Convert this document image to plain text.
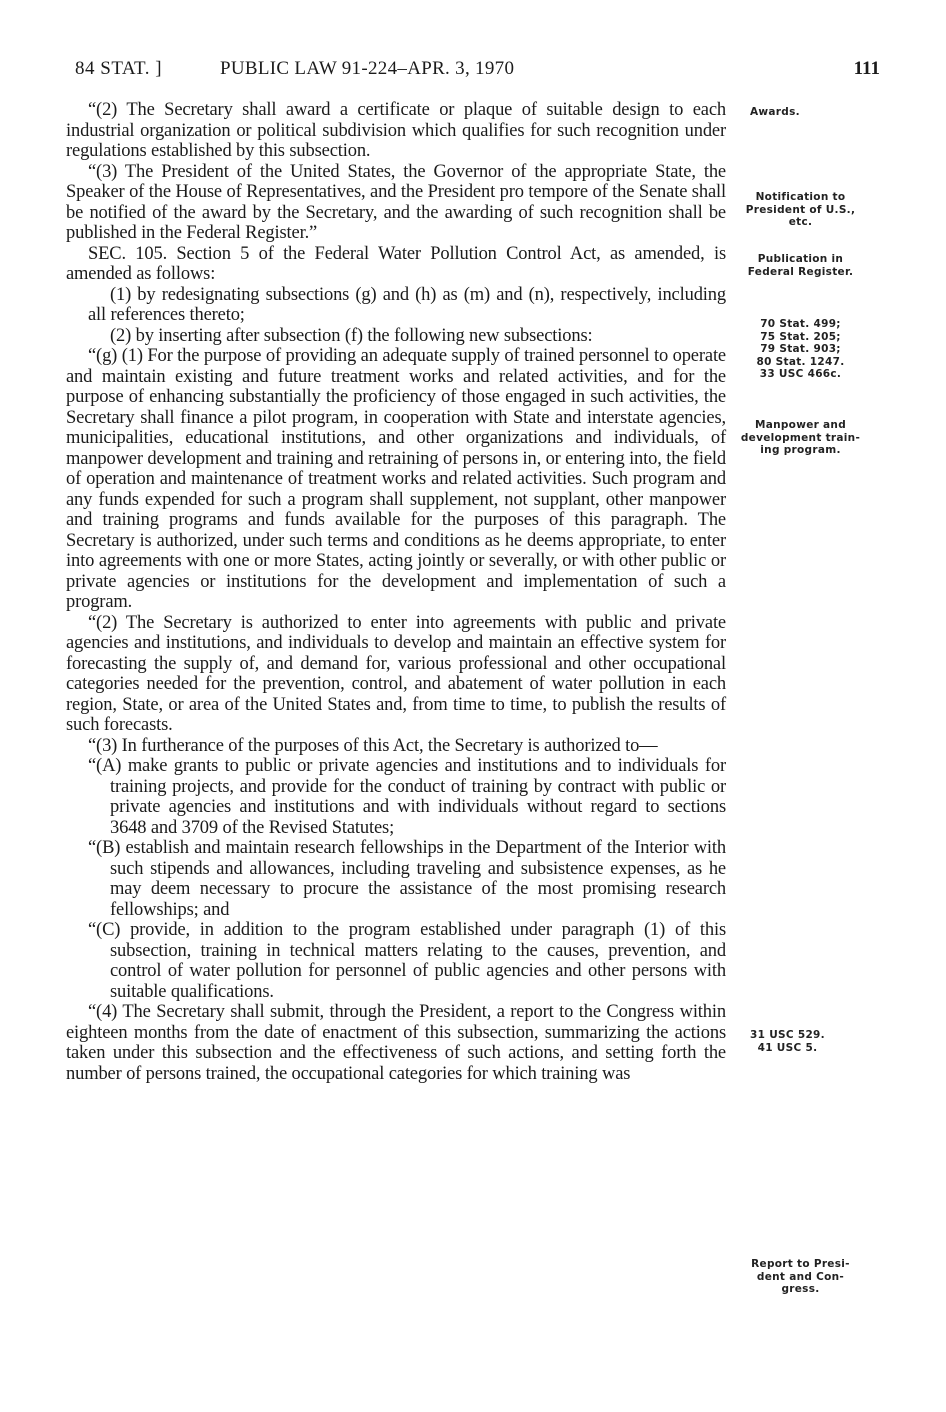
84 STAT. ]	PUBLIC LAW 91-224–APR. 3, 1970	111

“(2) The Secretary shall award a certificate or plaque of suitable design to each industrial organization or political subdivision which qualifies for such recognition under regulations established by this subsection.

“(3) The President of the United States, the Governor of the appropriate State, the Speaker of the House of Representatives, and the President pro tempore of the Senate shall be notified of the award by the Secretary, and the awarding of such recognition shall be published in the Federal Register.”

SEC. 105. Section 5 of the Federal Water Pollution Control Act, as amended, is amended as follows:

(1) by redesignating subsections (g) and (h) as (m) and (n), respectively, including all references thereto;

(2) by inserting after subsection (f) the following new subsections:

“(g) (1) For the purpose of providing an adequate supply of trained personnel to operate and maintain existing and future treatment works and related activities, and for the purpose of enhancing substantially the proficiency of those engaged in such activities, the Secretary shall finance a pilot program, in cooperation with State and interstate agencies, municipalities, educational institutions, and other organizations and individuals, of manpower development and training and retraining of persons in, or entering into, the field of operation and maintenance of treatment works and related activities. Such program and any funds expended for such a program shall supplement, not supplant, other manpower and training programs and funds available for the purposes of this paragraph. The Secretary is authorized, under such terms and conditions as he deems appropriate, to enter into agreements with one or more States, acting jointly or severally, or with other public or private agencies or institutions for the development and implementation of such a program.

“(2) The Secretary is authorized to enter into agreements with public and private agencies and institutions, and individuals to develop and maintain an effective system for forecasting the supply of, and demand for, various professional and other occupational categories needed for the prevention, control, and abatement of water pollution in each region, State, or area of the United States and, from time to time, to publish the results of such forecasts.

“(3) In furtherance of the purposes of this Act, the Secretary is authorized to—

“(A) make grants to public or private agencies and institutions and to individuals for training projects, and provide for the conduct of training by contract with public or private agencies and institutions and with individuals without regard to sections 3648 and 3709 of the Revised Statutes;

“(B) establish and maintain research fellowships in the Department of the Interior with such stipends and allowances, including traveling and subsistence expenses, as he may deem necessary to procure the assistance of the most promising research fellowships; and

“(C) provide, in addition to the program established under paragraph (1) of this subsection, training in technical matters relating to the causes, prevention, and control of water pollution for personnel of public agencies and other persons with suitable qualifications.

“(4) The Secretary shall submit, through the President, a report to the Congress within eighteen months from the date of enactment of this subsection, summarizing the actions taken under this subsection and the effectiveness of such actions, and setting forth the number of persons trained, the occupational categories for which training was

Awards.
Notification to
President of U.S.,
etc.
Publication in
Federal Register.
70 Stat. 499;
75 Stat. 205;
79 Stat. 903;
80 Stat. 1247.
33 USC 466c.
Manpower and
development train-
ing program.
31 USC 529.
41 USC 5.
Report to Presi-
dent and Con-
gress.
